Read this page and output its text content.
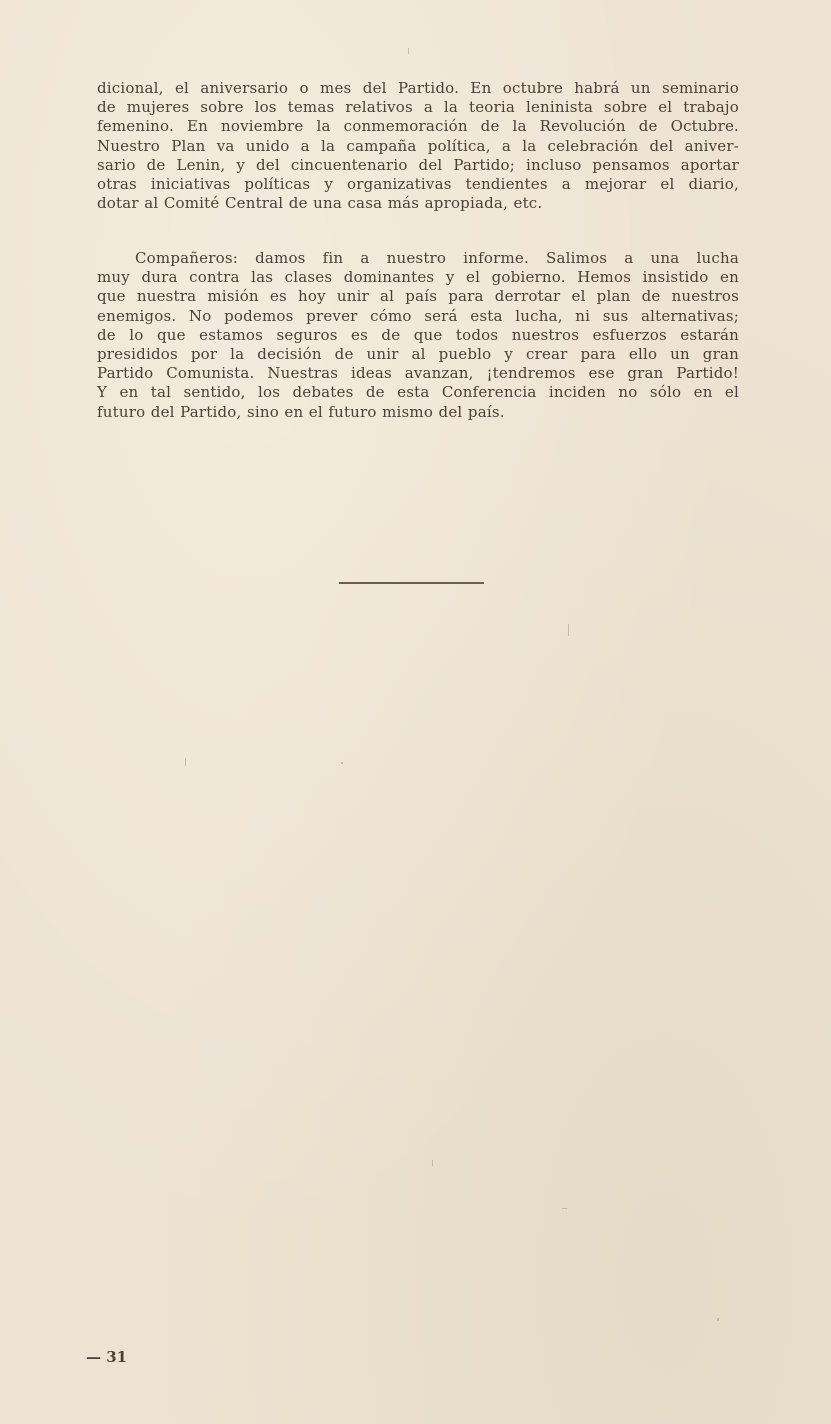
dicional, el aniversario o mes del Partido. En octubre habrá un seminario
de mujeres sobre los temas relativos a la teoria leninista sobre el trabajo
femenino. En noviembre la conmemoración de la Revolución de Octubre.
Nuestro Plan va unido a la campaña política, a la celebración del aniver-
sario de Lenin, y del cincuentenario del Partido; incluso pensamos aportar
otras iniciativas políticas y organizativas tendientes a mejorar el diario,
dotar al Comité Central de una casa más apropiada, etc.
Compañeros: damos fin a nuestro informe. Salimos a una lucha
muy dura contra las clases dominantes y el gobierno. Hemos insistido en
que nuestra misión es hoy unir al país para derrotar el plan de nuestros
enemigos. No podemos prever cómo será esta lucha, ni sus alternativas;
de lo que estamos seguros es de que todos nuestros esfuerzos estarán
presididos por la decisión de unir al pueblo y crear para ello un gran
Partido Comunista. Nuestras ideas avanzan, ¡tendremos ese gran Partido!
Y en tal sentido, los debates de esta Conferencia inciden no sólo en el
futuro del Partido, sino en el futuro mismo del país.
— 31
